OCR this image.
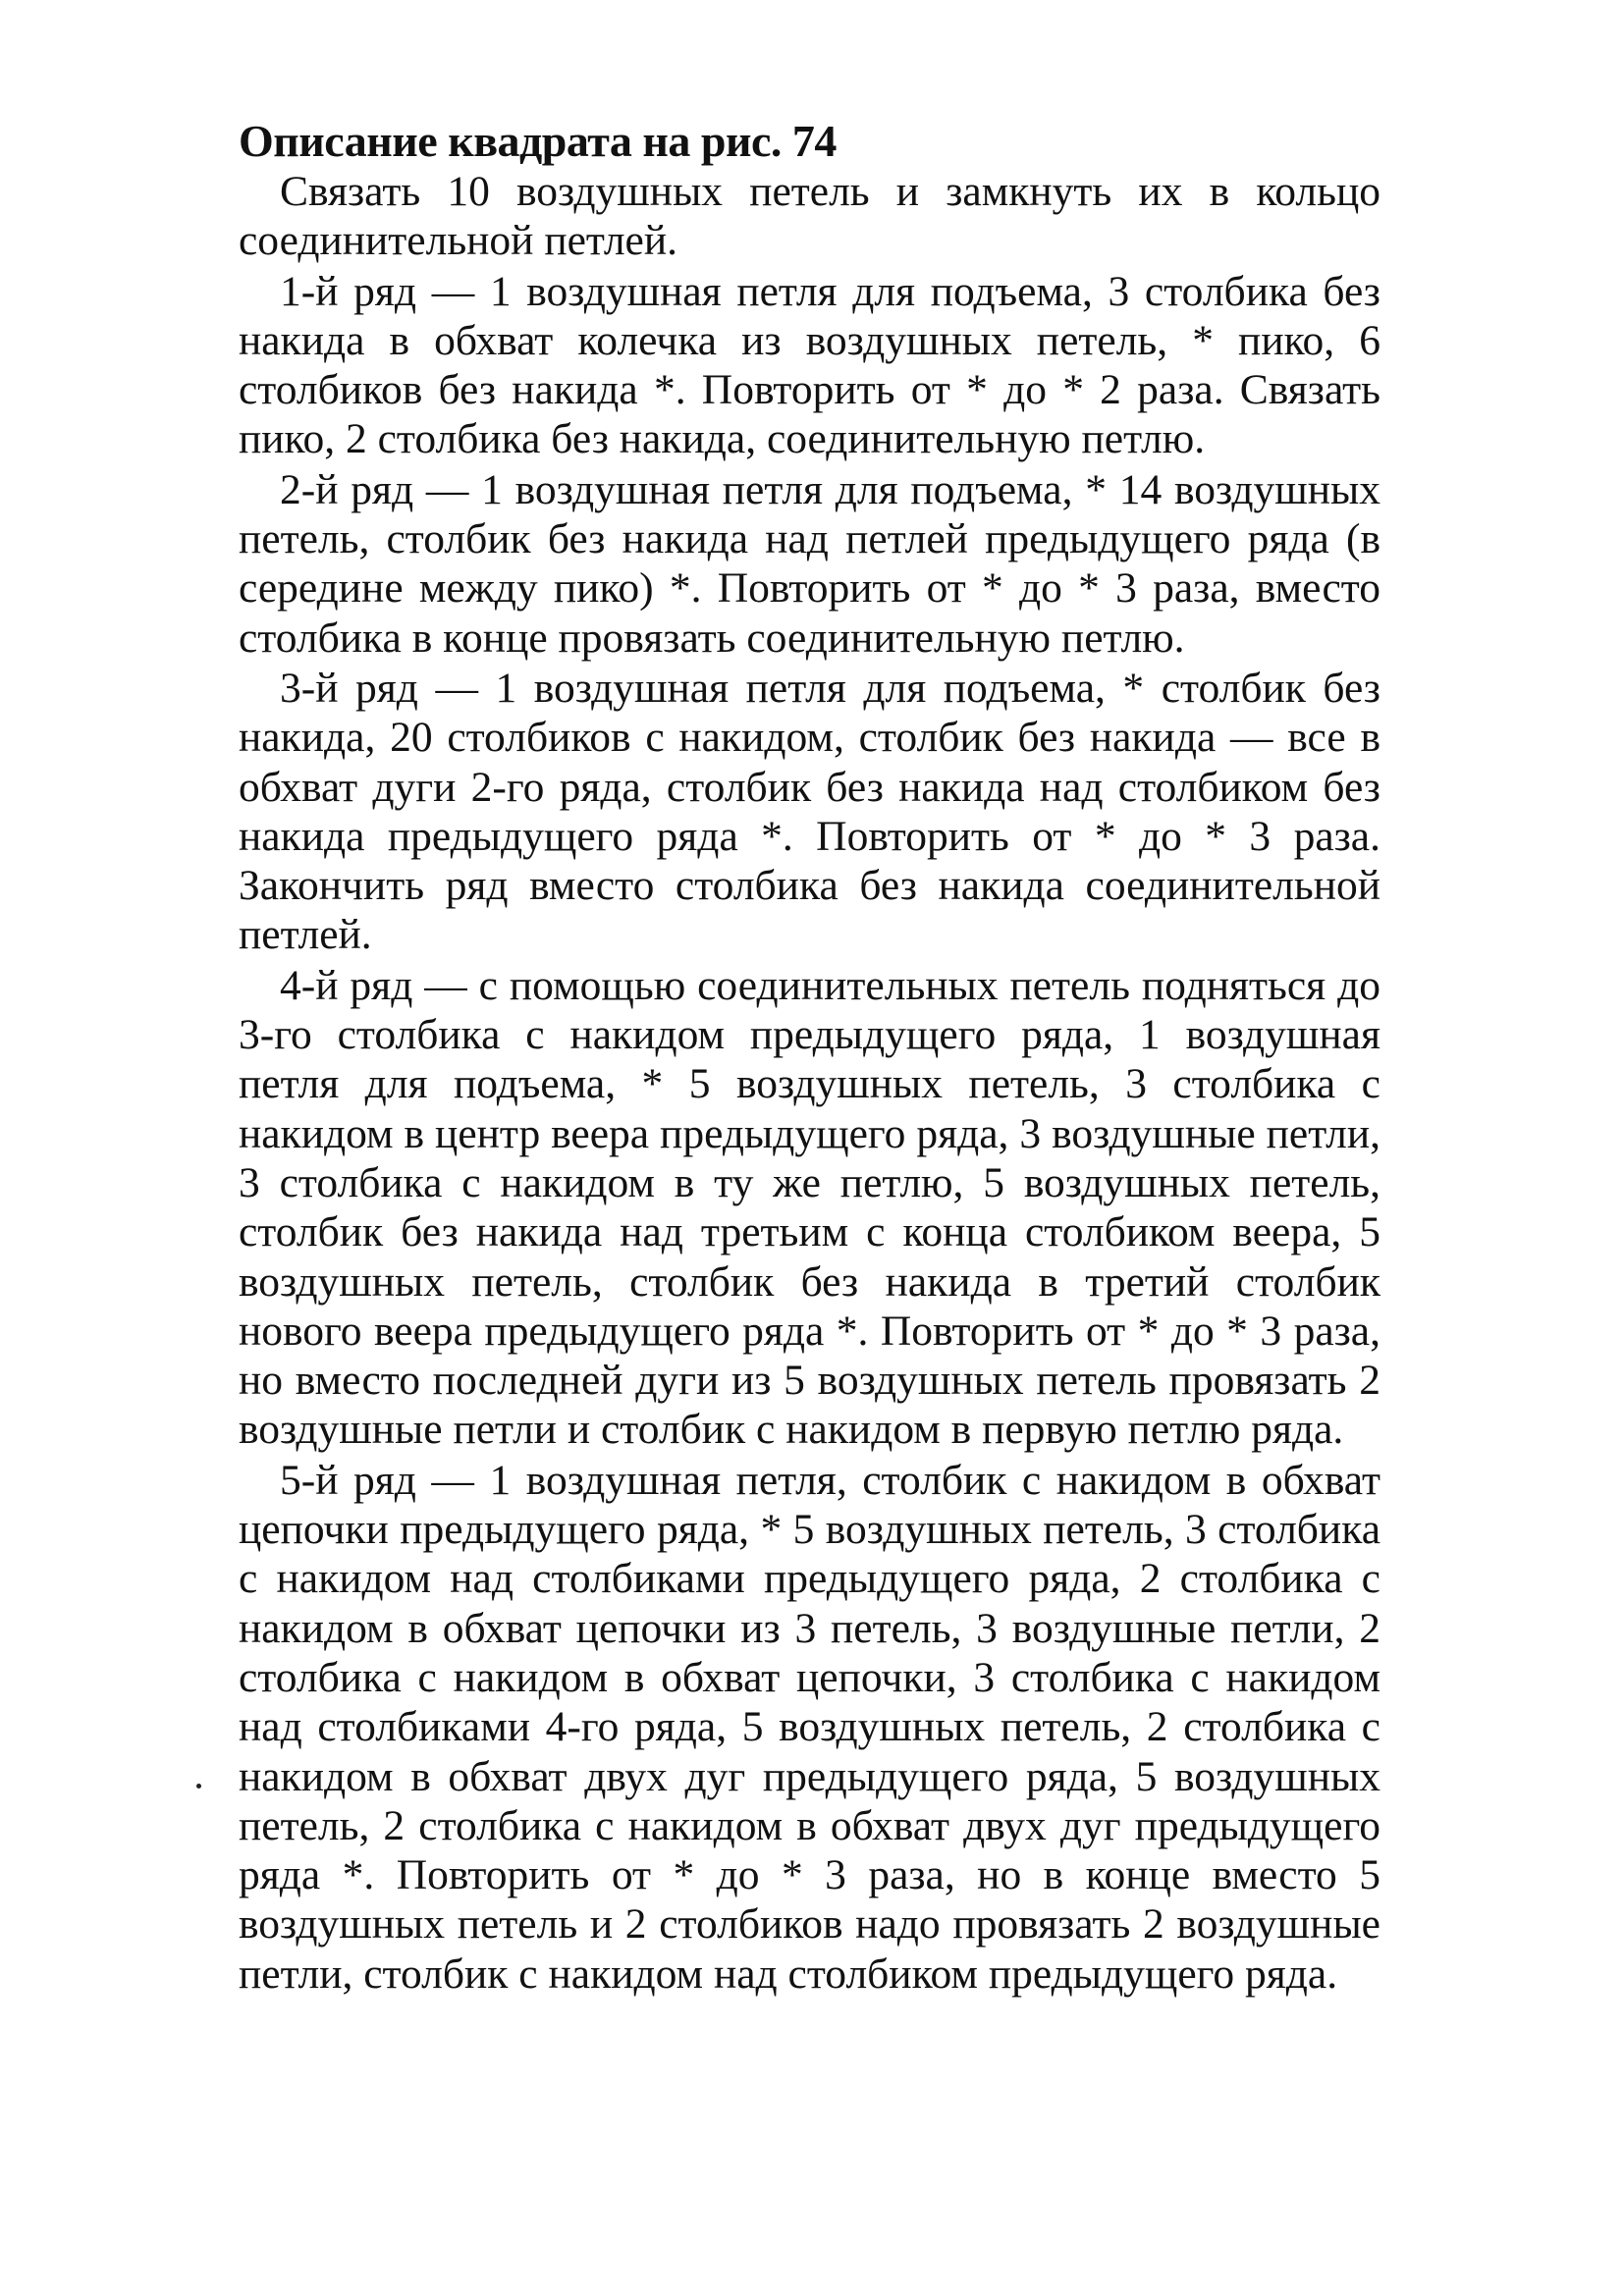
Описание квадрата на рис. 74

Связать 10 воздушных петель и замкнуть их в кольцо соединительной петлей.

1-й ряд — 1 воздушная петля для подъема, 3 столбика без накида в обхват колечка из воздушных петель, * пико, 6 столбиков без накида *. Повторить от * до * 2 раза. Связать пико, 2 столбика без накида, соединительную петлю.

2-й ряд — 1 воздушная петля для подъема, * 14 воздушных петель, столбик без накида над петлей предыдущего ряда (в середине между пико) *. Повторить от * до * 3 раза, вместо столбика в конце провязать соединительную петлю.

3-й ряд — 1 воздушная петля для подъема, * столбик без накида, 20 столбиков с накидом, столбик без накида — все в обхват дуги 2-го ряда, столбик без накида над столбиком без накида предыдущего ряда *. Повторить от * до * 3 раза. Закончить ряд вместо столбика без накида соединительной петлей.

4-й ряд — с помощью соединительных петель подняться до 3-го столбика с накидом предыдущего ряда, 1 воздушная петля для подъема, * 5 воздушных петель, 3 столбика с накидом в центр веера предыдущего ряда, 3 воздушные петли, 3 столбика с накидом в ту же петлю, 5 воздушных петель, столбик без накида над третьим с конца столбиком веера, 5 воздушных петель, столбик без накида в третий столбик нового веера предыдущего ряда *. Повторить от * до * 3 раза, но вместо последней дуги из 5 воздушных петель провязать 2 воздушные петли и столбик с накидом в первую петлю ряда.

5-й ряд — 1 воздушная петля, столбик с накидом в обхват цепочки предыдущего ряда, * 5 воздушных петель, 3 столбика с накидом над столбиками предыдущего ряда, 2 столбика с накидом в обхват цепочки из 3 петель, 3 воздушные петли, 2 столбика с накидом в обхват цепочки, 3 столбика с накидом над столбиками 4-го ряда, 5 воздушных петель, 2 столбика с накидом в обхват двух дуг предыдущего ряда, 5 воздушных петель, 2 столбика с накидом в обхват двух дуг предыдущего ряда *. Повторить от * до * 3 раза, но в конце вместо 5 воздушных петель и 2 столбиков надо провязать 2 воздушные петли, столбик с накидом над столбиком предыдущего ряда.
